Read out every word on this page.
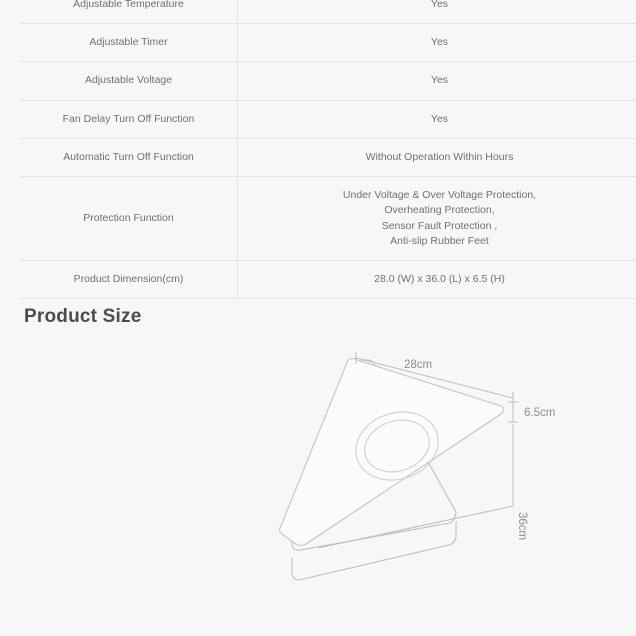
Adjustable Temperature	Yes

Adjustable Timer	Yes

Adjustable Voltage	Yes

Fan Delay Turn Off Function	Yes

Automatic Turn Off Function	Without Operation Within Hours

Protection Function	Under Voltage & Over Voltage Protection,
Overheating Protection,
Sensor Fault Protection ,
Anti-slip Rubber Feet

Product Dimension(cm)	28.0 (W) x 36.0 (L) x 6.5 (H)
Product Size
28cm
6.5cm
36cm
